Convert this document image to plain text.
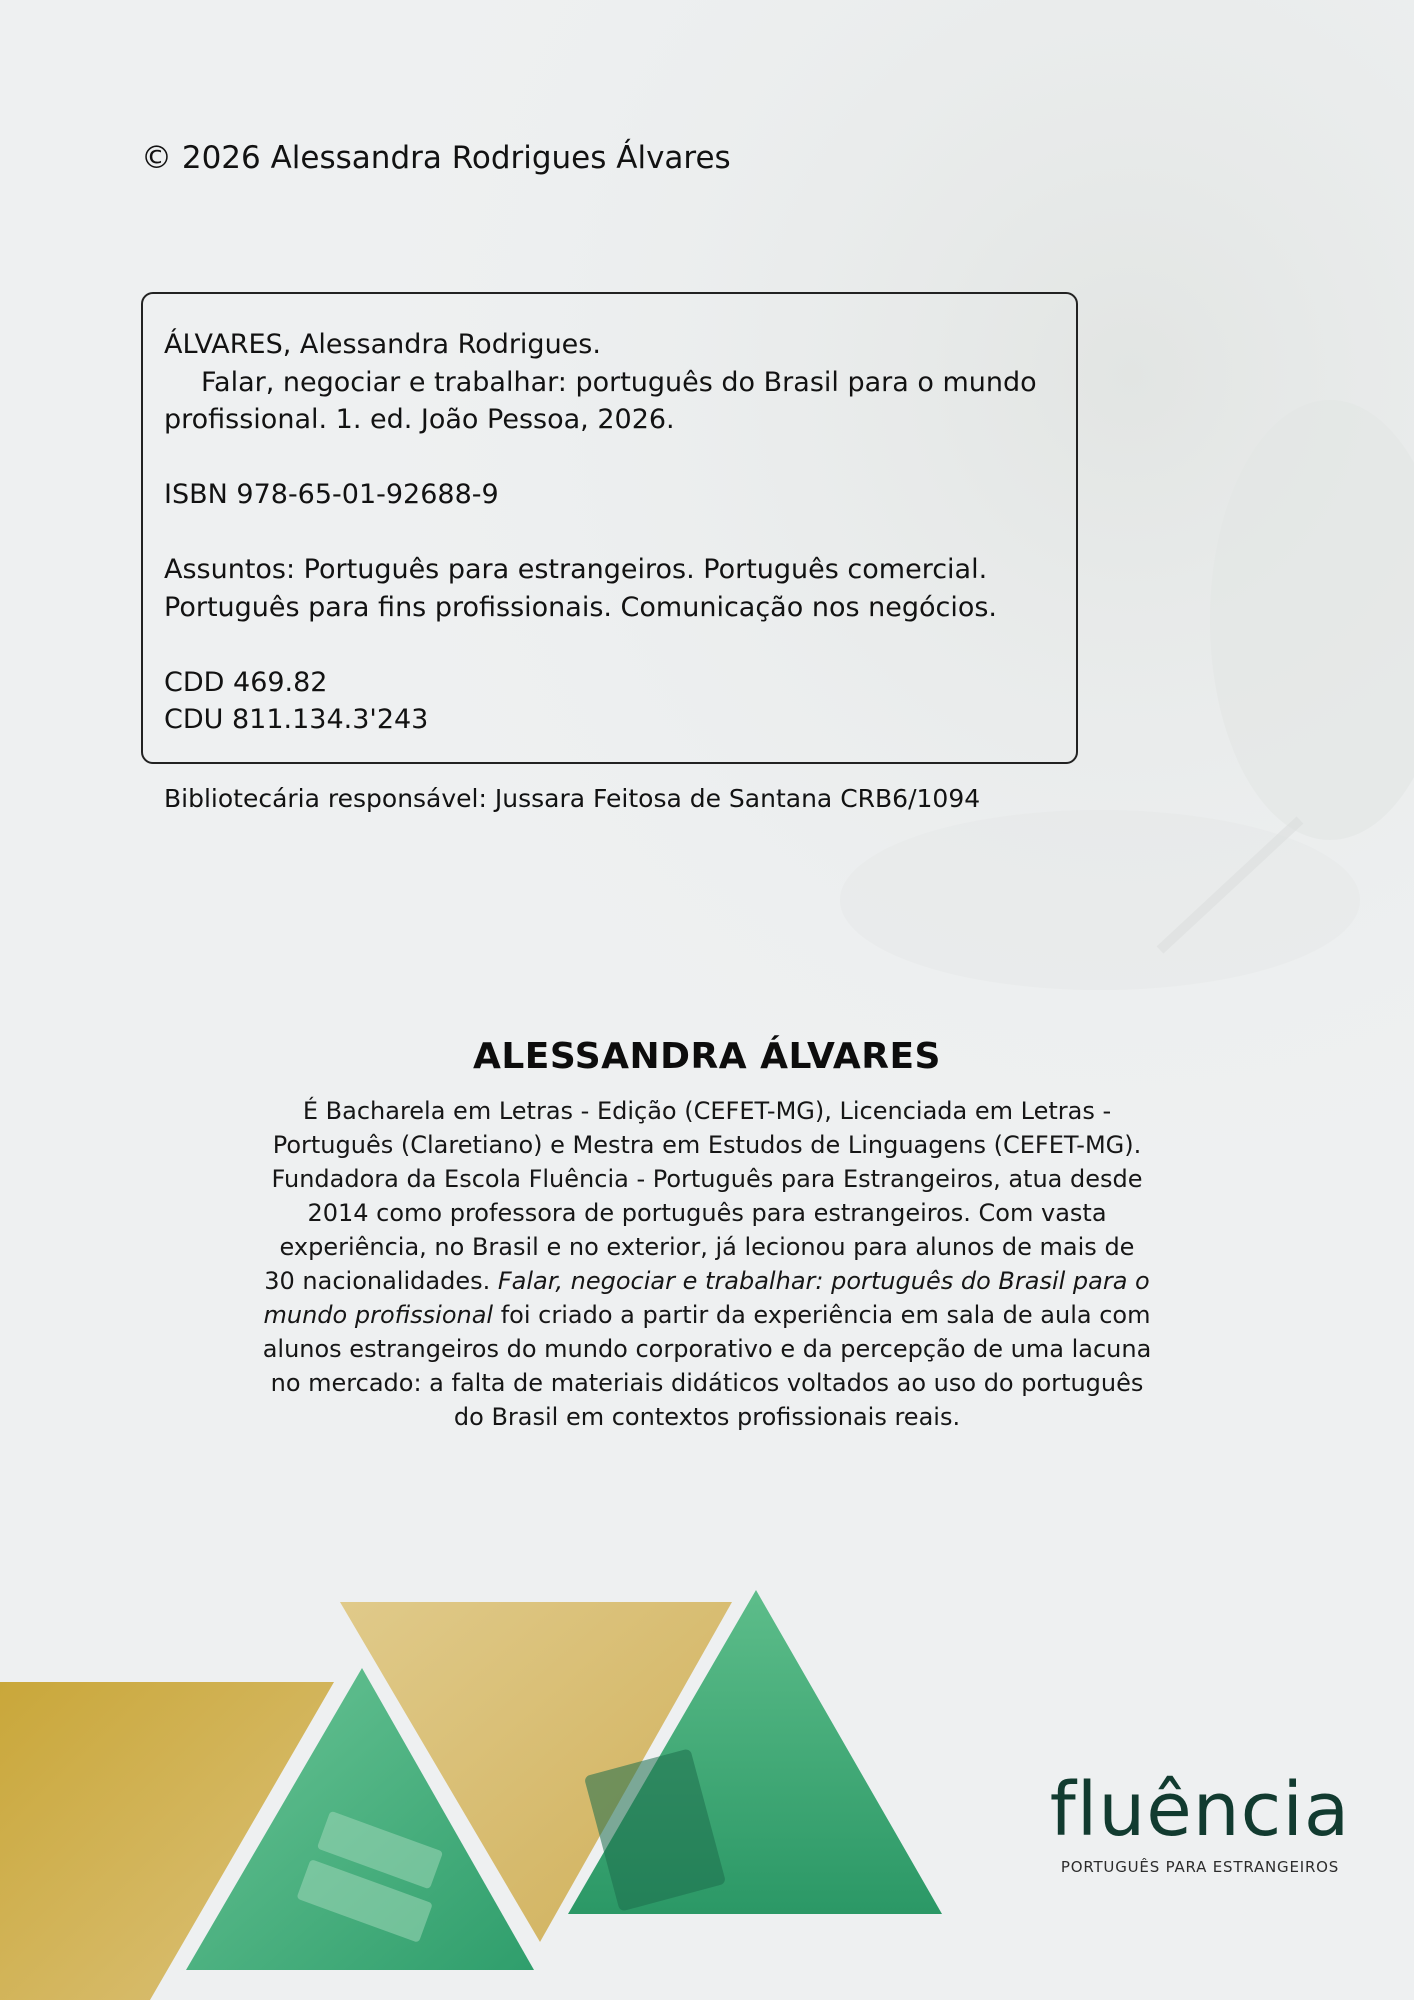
© 2026 Alessandra Rodrigues Álvares

ÁLVARES, Alessandra Rodrigues.

Falar, negociar e trabalhar: português do Brasil para o mundo profissional. 1. ed. João Pessoa, 2026.

ISBN 978-65-01-92688-9

Assuntos: Português para estrangeiros. Português comercial. Português para fins profissionais. Comunicação nos negócios.

CDD 469.82

CDU 811.134.3'243

Bibliotecária responsável: Jussara Feitosa de Santana CRB6/1094
ALESSANDRA ÁLVARES

É Bacharela em Letras - Edição (CEFET-MG), Licenciada em Letras - Português (Claretiano) e Mestra em Estudos de Linguagens (CEFET-MG). Fundadora da Escola Fluência - Português para Estrangeiros, atua desde 2014 como professora de português para estrangeiros. Com vasta experiência, no Brasil e no exterior, já lecionou para alunos de mais de 30 nacionalidades. Falar, negociar e trabalhar: português do Brasil para o mundo profissional foi criado a partir da experiência em sala de aula com alunos estrangeiros do mundo corporativo e da percepção de uma lacuna no mercado: a falta de materiais didáticos voltados ao uso do português do Brasil em contextos profissionais reais.

fluência
PORTUGUÊS PARA ESTRANGEIROS
